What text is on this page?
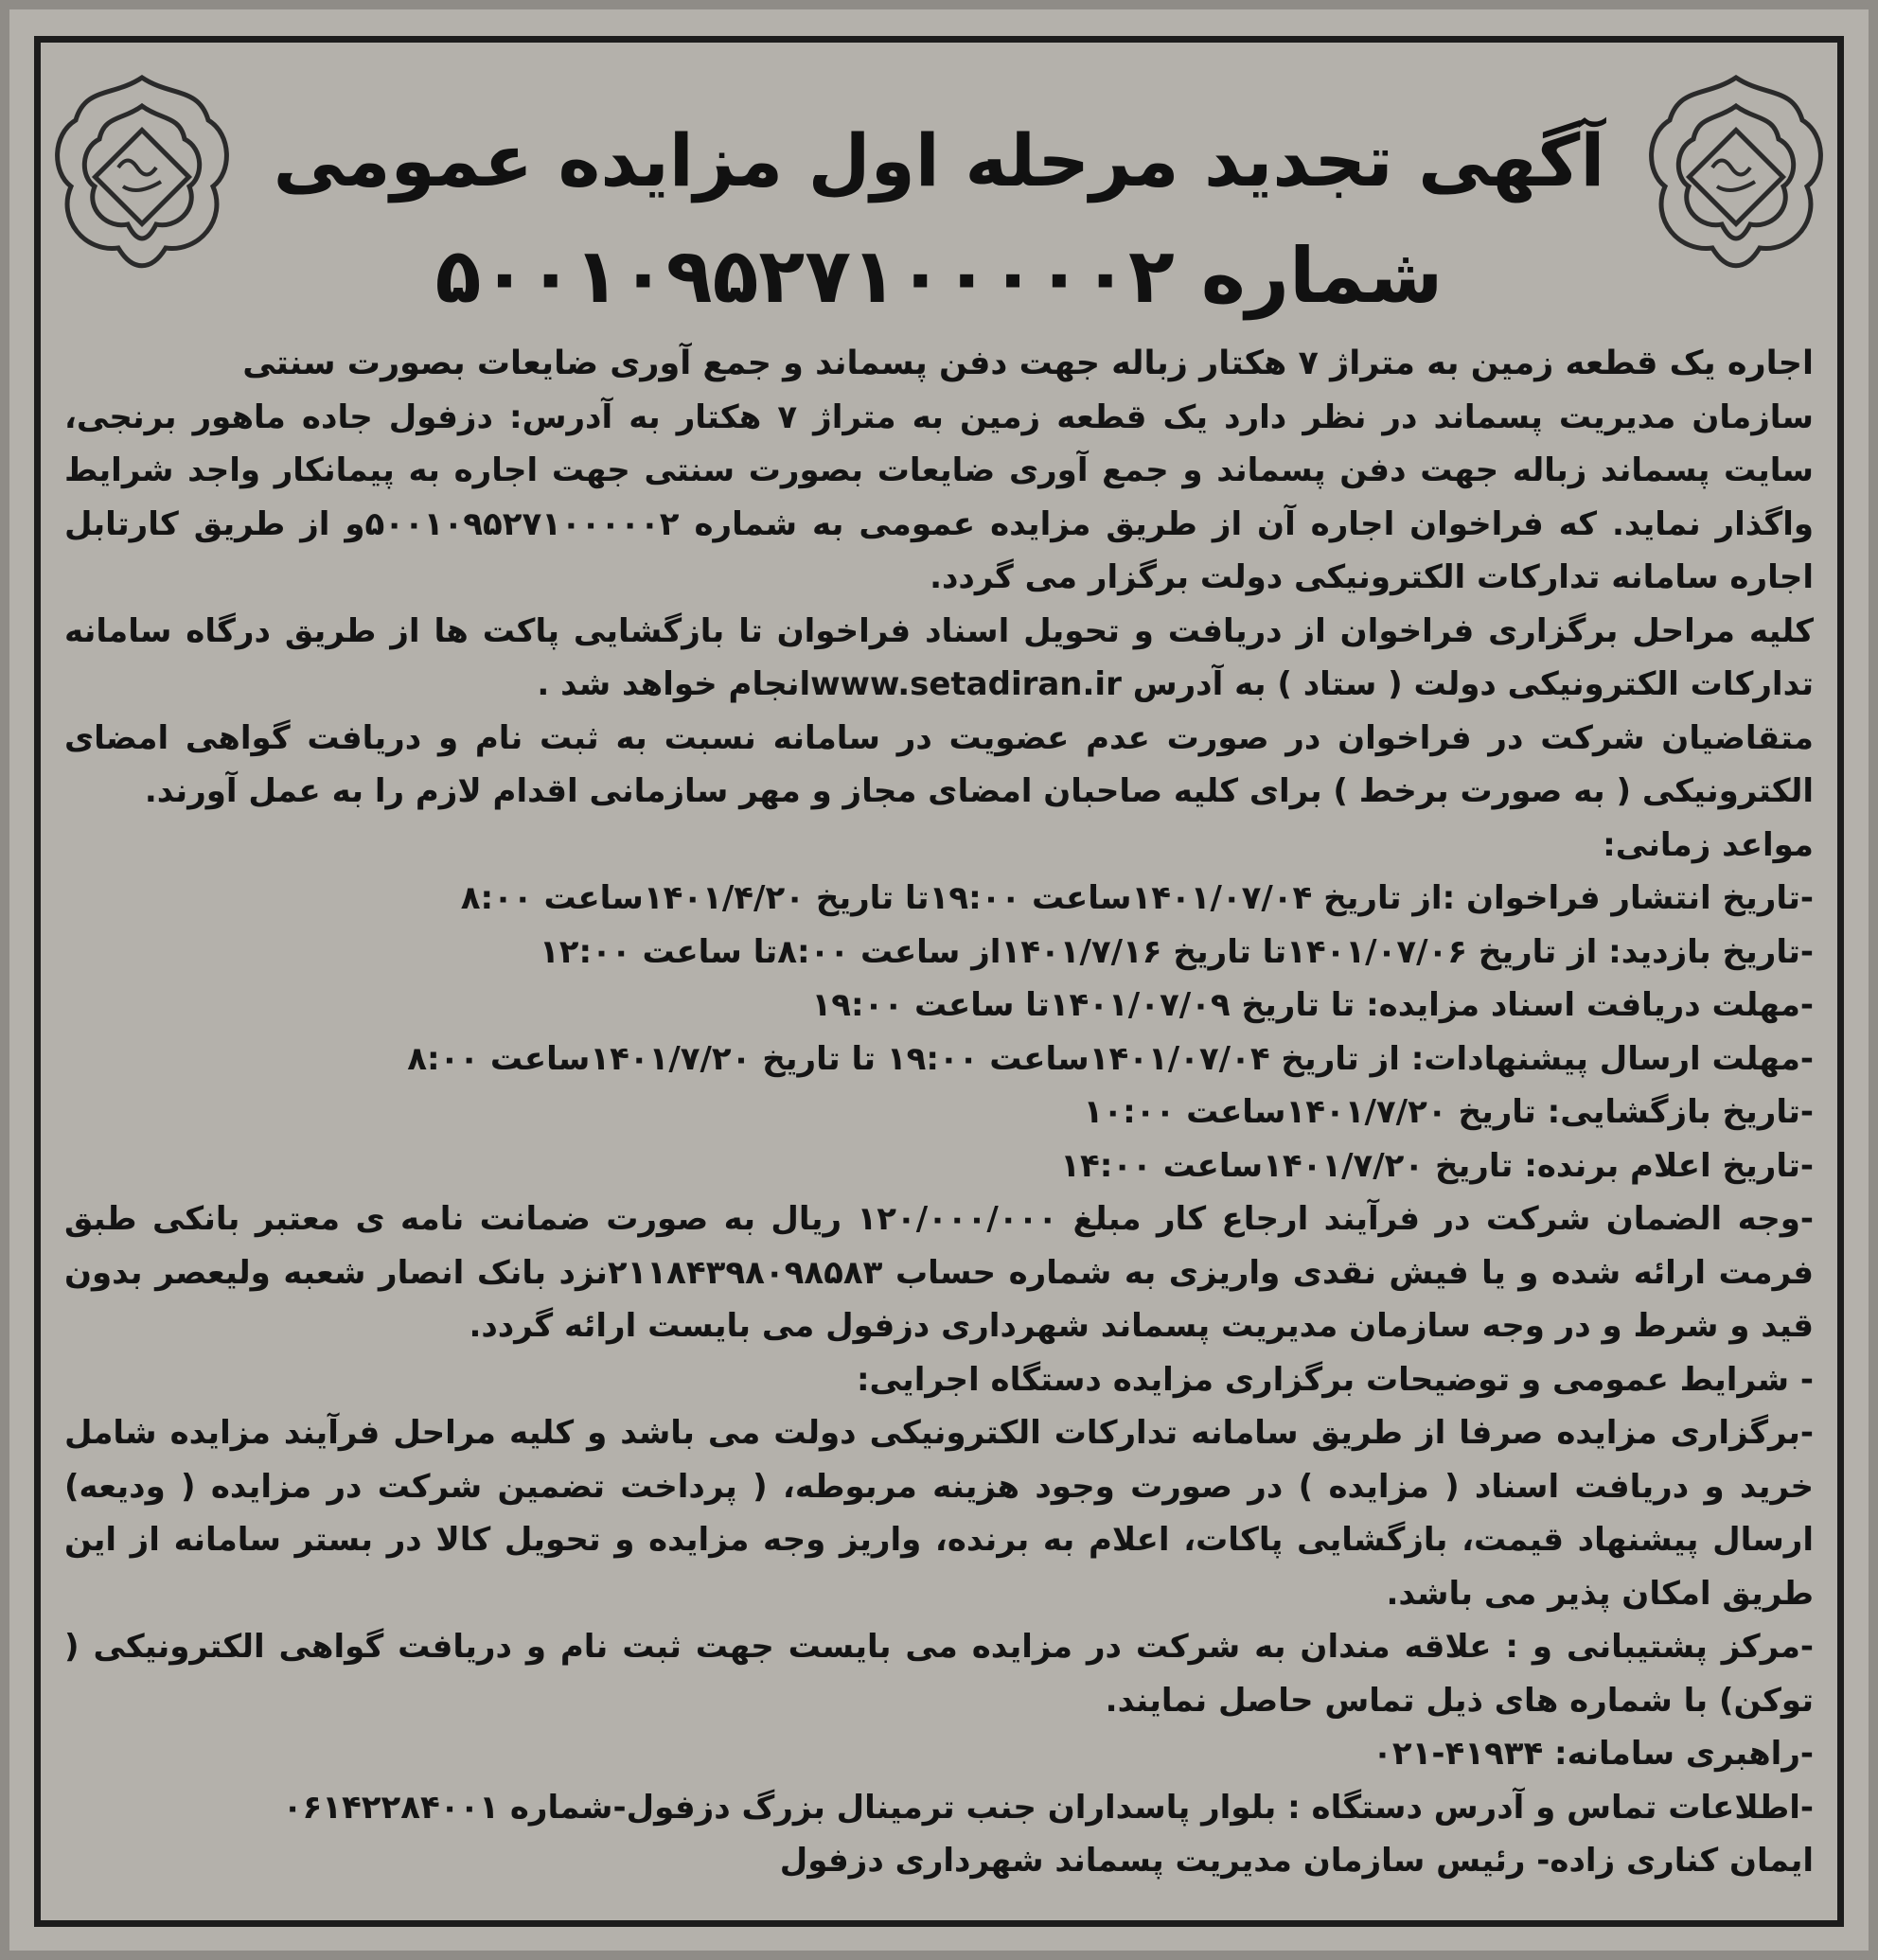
آگهی تجدید مرحله اول مزایده عمومی
شماره ۵۰۰۱۰۹۵۲۷۱۰۰۰۰۰۲

اجاره یک قطعه زمین به متراژ ۷ هکتار زباله جهت دفن پسماند و جمع آوری ضایعات بصورت سنتی

سازمان مدیریت پسماند در نظر دارد یک قطعه زمین به متراژ ۷ هکتار به آدرس: دزفول جاده ماهور برنجی، سایت پسماند زباله جهت دفن پسماند و جمع آوری ضایعات بصورت سنتی جهت اجاره به پیمانکار واجد شرایط واگذار نماید. که فراخوان اجاره آن از طریق مزایده عمومی به شماره ۵۰۰۱۰۹۵۲۷۱۰۰۰۰۰۲و از طریق کارتابل اجاره سامانه تدارکات الکترونیکی دولت برگزار می گردد.

کلیه مراحل برگزاری فراخوان از دریافت و تحویل اسناد فراخوان تا بازگشایی پاکت ها از طریق درگاه سامانه تدارکات الکترونیکی دولت ( ستاد ) به آدرس www.setadiran.irانجام خواهد شد .

متقاضیان شرکت در فراخوان در صورت عدم عضویت در سامانه نسبت به ثبت نام و دریافت گواهی امضای الکترونیکی ( به صورت برخط ) برای کلیه صاحبان امضای مجاز و مهر سازمانی اقدام لازم را به عمل آورند.

مواعد زمانی:

-تاریخ انتشار فراخوان :از تاریخ ۱۴۰۱/۰۷/۰۴ساعت ۱۹:۰۰تا تاریخ ۱۴۰۱/۴/۲۰ساعت ۸:۰۰

-تاریخ بازدید: از تاریخ ۱۴۰۱/۰۷/۰۶تا تاریخ ۱۴۰۱/۷/۱۶از ساعت ۸:۰۰تا ساعت ۱۲:۰۰

-مهلت دریافت اسناد مزایده: تا تاریخ ۱۴۰۱/۰۷/۰۹تا ساعت ۱۹:۰۰

-مهلت ارسال پیشنهادات: از تاریخ ۱۴۰۱/۰۷/۰۴ساعت ۱۹:۰۰ تا تاریخ ۱۴۰۱/۷/۲۰ساعت ۸:۰۰

-تاریخ بازگشایی: تاریخ ۱۴۰۱/۷/۲۰ساعت ۱۰:۰۰

-تاریخ اعلام برنده: تاریخ ۱۴۰۱/۷/۲۰ساعت ۱۴:۰۰

-وجه الضمان شرکت در فرآیند ارجاع کار مبلغ ۱۲۰/۰۰۰/۰۰۰ ریال به صورت ضمانت نامه ی معتبر بانکی طبق فرمت ارائه شده و یا فیش نقدی واریزی به شماره حساب ۲۱۱۸۴۳۹۸۰۹۸۵۸۳نزد بانک انصار شعبه ولیعصر بدون قید و شرط و در وجه سازمان مدیریت پسماند شهرداری دزفول می بایست ارائه گردد.

- شرایط عمومی و توضیحات برگزاری مزایده دستگاه اجرایی:

-برگزاری مزایده صرفا از طریق سامانه تدارکات الکترونیکی دولت می باشد و کلیه مراحل فرآیند مزایده شامل خرید و دریافت اسناد ( مزایده ) در صورت وجود هزینه مربوطه، ( پرداخت تضمین شرکت در مزایده ( ودیعه) ارسال پیشنهاد قیمت، بازگشایی پاکات، اعلام به برنده، واریز وجه مزایده و تحویل کالا در بستر سامانه از این طریق امکان پذیر می باشد.

-مرکز پشتیبانی و : علاقه مندان به شرکت در مزایده می بایست جهت ثبت نام و دریافت گواهی الکترونیکی ( توکن) با شماره های ذیل تماس حاصل نمایند.

-راهبری سامانه: ۴۱۹۳۴-۰۲۱

-اطلاعات تماس و آدرس دستگاه : بلوار پاسداران جنب ترمینال بزرگ دزفول-شماره ۰۶۱۴۲۲۸۴۰۰۱

ایمان کناری زاده- رئیس سازمان مدیریت پسماند شهرداری دزفول
